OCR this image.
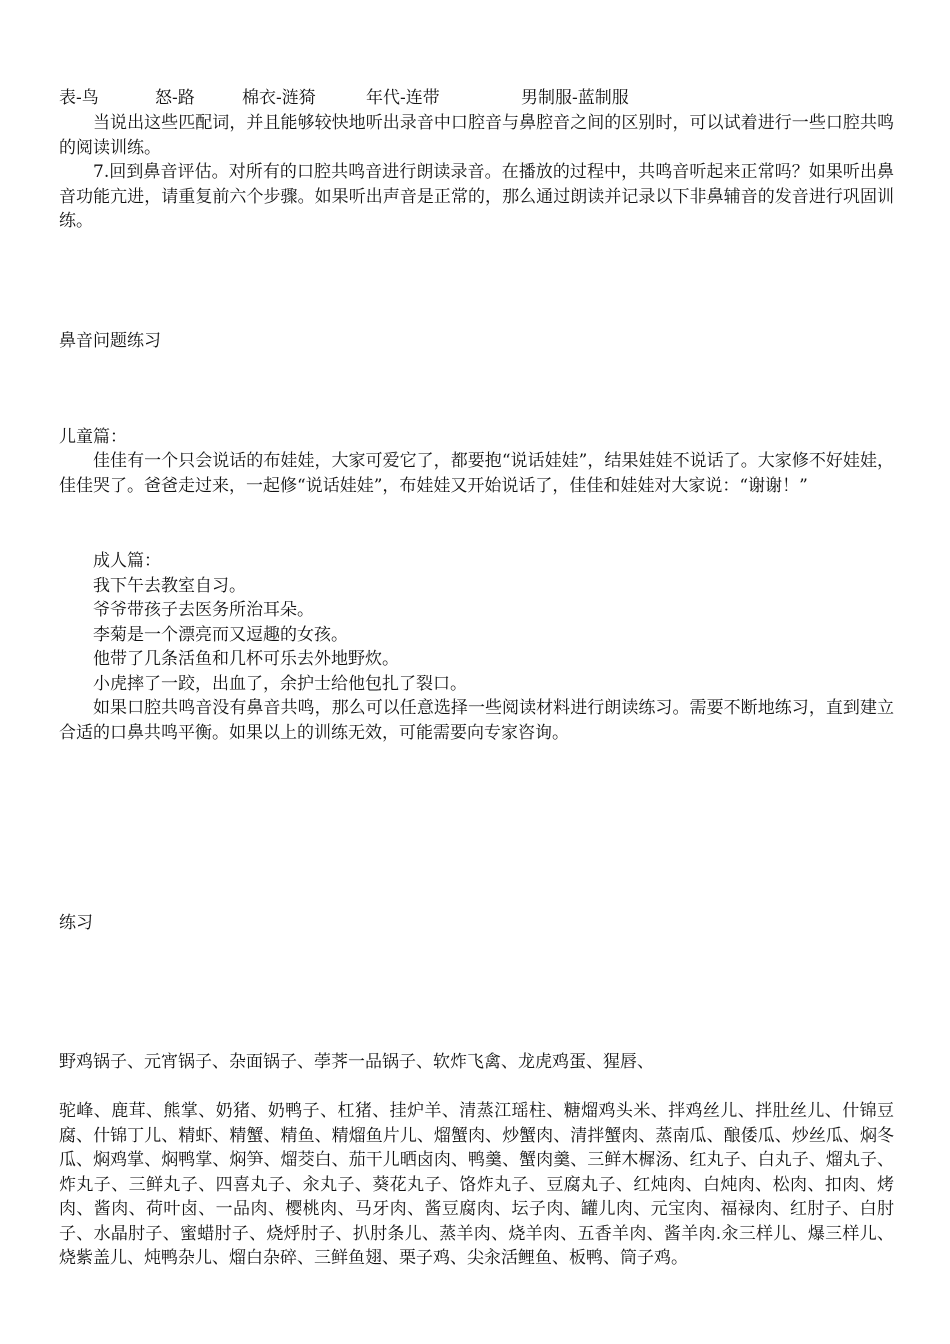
表-鸟	怒-路	棉衣-涟猗	年代-连带	男制服-蓝制服

当说出这些匹配词，并且能够较快地听出录音中口腔音与鼻腔音之间的区别时，可以试着进行一些口腔共鸣的阅读训练。

7.回到鼻音评估。对所有的口腔共鸣音进行朗读录音。在播放的过程中，共鸣音听起来正常吗？如果听出鼻音功能亢进，请重复前六个步骤。如果听出声音是正常的，那么通过朗读并记录以下非鼻辅音的发音进行巩固训练。

鼻音问题练习

儿童篇：

佳佳有一个只会说话的布娃娃，大家可爱它了，都要抱“说话娃娃”，结果娃娃不说话了。大家修不好娃娃，佳佳哭了。爸爸走过来，一起修“说话娃娃”，布娃娃又开始说话了，佳佳和娃娃对大家说：“谢谢！”

成人篇：

我下午去教室自习。

爷爷带孩子去医务所治耳朵。

李菊是一个漂亮而又逗趣的女孩。

他带了几条活鱼和几杯可乐去外地野炊。

小虎摔了一跤，出血了，余护士给他包扎了裂口。

如果口腔共鸣音没有鼻音共鸣，那么可以任意选择一些阅读材料进行朗读练习。需要不断地练习，直到建立合适的口鼻共鸣平衡。如果以上的训练无效，可能需要向专家咨询。

练习

野鸡锅子、元宵锅子、杂面锅子、荸荠一品锅子、软炸飞禽、龙虎鸡蛋、猩唇、

驼峰、鹿茸、熊掌、奶猪、奶鸭子、杠猪、挂炉羊、清蒸江瑶柱、糖熘鸡头米、拌鸡丝儿、拌肚丝儿、什锦豆腐、什锦丁儿、精虾、精蟹、精鱼、精熘鱼片儿、熘蟹肉、炒蟹肉、清拌蟹肉、蒸南瓜、酿倭瓜、炒丝瓜、焖冬瓜、焖鸡掌、焖鸭掌、焖笋、熘茭白、茄干儿晒卤肉、鸭羹、蟹肉羹、三鲜木樨汤、红丸子、白丸子、熘丸子、炸丸子、三鲜丸子、四喜丸子、汆丸子、葵花丸子、饹炸丸子、豆腐丸子、红炖肉、白炖肉、松肉、扣肉、烤肉、酱肉、荷叶卤、一品肉、樱桃肉、马牙肉、酱豆腐肉、坛子肉、罐儿肉、元宝肉、福禄肉、红肘子、白肘子、水晶肘子、蜜蜡肘子、烧烀肘子、扒肘条儿、蒸羊肉、烧羊肉、五香羊肉、酱羊肉.汆三样儿、爆三样儿、烧紫盖儿、炖鸭杂儿、熘白杂碎、三鲜鱼翅、栗子鸡、尖汆活鲤鱼、板鸭、筒子鸡。
